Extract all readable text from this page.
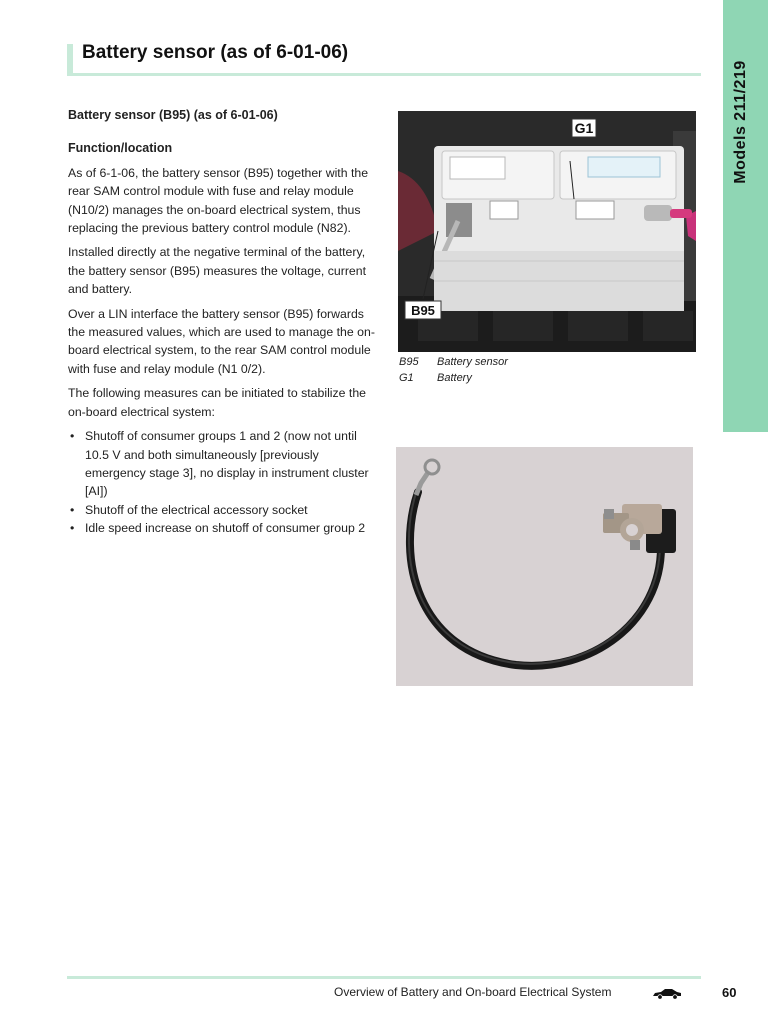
Models 211/219
Battery sensor (as of 6-01-06)
Battery sensor (B95) (as of 6-01-06)
Function/location

As of 6-1-06, the battery sensor (B95) together with the rear SAM control module with fuse and relay module (N10/2) manages the on-board electrical system, thus replacing the previous battery control module (N82).

Installed directly at the negative terminal of the battery, the battery sensor (B95) measures the voltage, current and battery.

Over a LIN interface the battery sensor (B95) forwards the measured values, which are used to manage the on-board electrical system, to the rear SAM control module with fuse and relay module (N1 0/2).

The following measures can be initiated to stabilize the on-board electrical system:

• Shutoff of consumer groups 1 and 2 (now not until 10.5 V and both simultaneously [previously emergency stage 3], no display in instrument cluster [AI])
• Shutoff of the electrical accessory socket
• Idle speed increase on shutoff of consumer group 2
G1
B95
B95	Battery sensor
G1	Battery
Overview of Battery and On-board Electrical System	60
